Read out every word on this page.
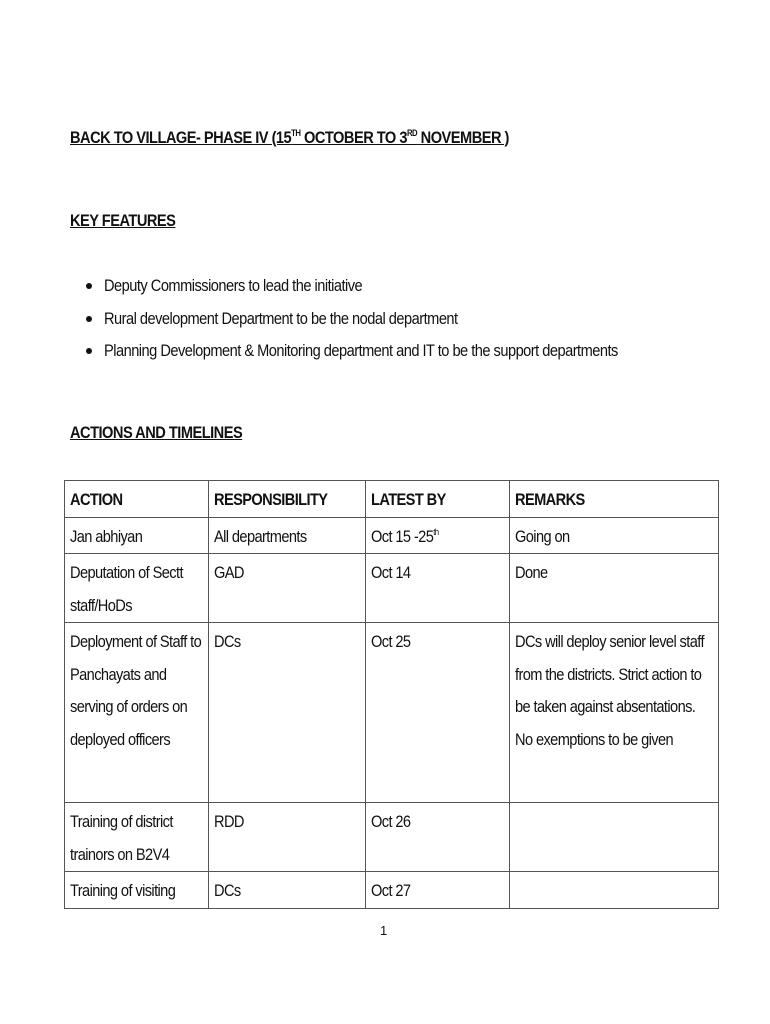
BACK TO VILLAGE- PHASE IV (15TH OCTOBER TO 3RD NOVEMBER )
KEY FEATURES
Deputy Commissioners to lead the initiative
Rural development Department to be the nodal department
Planning Development & Monitoring department and IT to be the support departments
ACTIONS AND TIMELINES
ACTION	RESPONSIBILITY	LATEST BY	REMARKS

Jan abhiyan	All departments	Oct 15 -25th	Going on

Deputation of Sectt staff/HoDs	GAD	Oct 14	Done

Deployment of Staff to Panchayats and serving of orders on deployed officers	DCs	Oct 25	DCs will deploy senior level staff from the districts. Strict action to be taken against absentations. No exemptions to be given

Training of district trainors on B2V4	RDD	Oct 26	

Training of visiting	DCs	Oct 27	

1
